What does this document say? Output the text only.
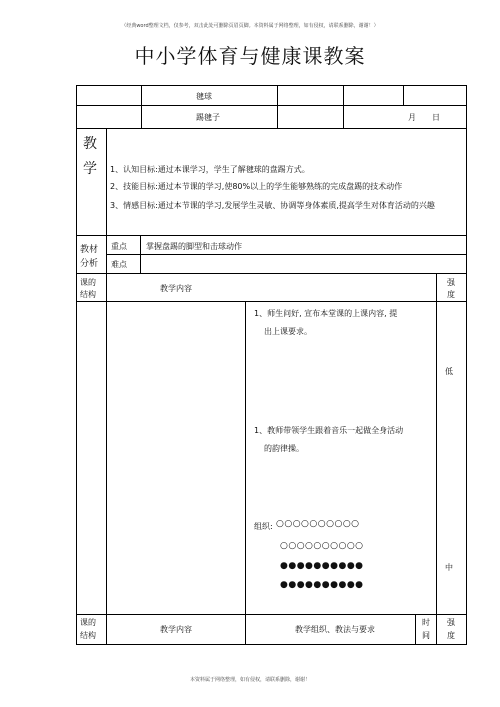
（经典word整理文档，仅参考，双击此处可删除页眉页脚。本资料属于网络整理，如有侵权，请联系删除，谢谢！）
中小学体育与健康课教案
毽球
踢毽子	月 日
教
学 1、认知目标:通过本课学习，学生了解毽球的盘踢方式。
2、技能目标:通过本节课的学习,使80%以上的学生能够熟练的完成盘踢的技术动作
3、情感目标:通过本节课的学习,发展学生灵敏、协调等身体素质,提高学生对体育活动的兴趣
教材
分析
重点 掌握盘踢的脚型和击球动作
难点
课的
结构
教学内容
强
度
1、师生问好, 宣布本堂课的上课内容, 提
出上课要求。
低
1、教师带领学生跟着音乐一起做全身活动
的韵律操。
组织: ○○○○○○○○○○
○○○○○○○○○○
●●●●●●●●●●
●●●●●●●●●●
中
课的
结构
教学内容	教学组织、教法与要求
时
间
强
度
本资料属于网络整理，如有侵权，请联系删除，谢谢！
